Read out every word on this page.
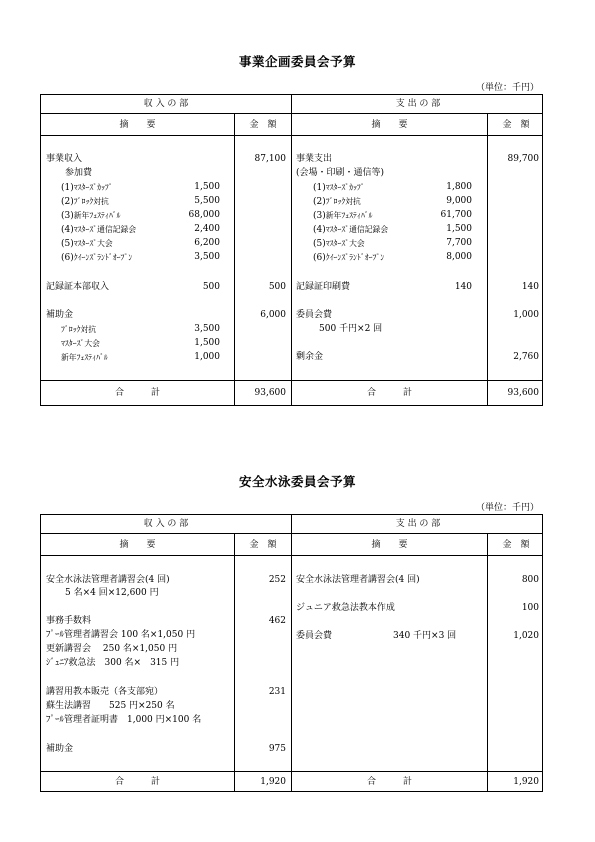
事業企画委員会予算
（単位：千円）
収 入 の 部	支 出 の 部
摘　　要	金　額	摘　　要	金　額
事業収入	87,100
参加費
(1)ﾏｽﾀｰｽﾞｶｯﾌﾟ	1,500
(2)ﾌﾞﾛｯｸ対抗	5,500
(3)新年ﾌｪｽﾃｨﾊﾞﾙ	68,000
(4)ﾏｽﾀｰｽﾞ通信記録会	2,400
(5)ﾏｽﾀｰｽﾞ大会	6,200
(6)ｸｲｰﾝｽﾞﾗﾝﾄﾞｵｰﾌﾟﾝ	3,500
記録証本部収入	500	500
補助金	6,000
ﾌﾞﾛｯｸ対抗	3,500
ﾏｽﾀｰｽﾞ大会	1,500
新年ﾌｪｽﾃｨﾊﾞﾙ	1,000
事業支出	89,700
(会場・印刷・通信等)
(1)ﾏｽﾀｰｽﾞｶｯﾌﾟ	1,800
(2)ﾌﾞﾛｯｸ対抗	9,000
(3)新年ﾌｪｽﾃｨﾊﾞﾙ	61,700
(4)ﾏｽﾀｰｽﾞ通信記録会	1,500
(5)ﾏｽﾀｰｽﾞ大会	7,700
(6)ｸｲｰﾝｽﾞﾗﾝﾄﾞｵｰﾌﾟﾝ	8,000
記録証印刷費	140	140
委員会費	1,000
500 千円×2 回
剰余金	2,760
合　　　計	93,600	合　　　計	93,600
安全水泳委員会予算
（単位：千円）
収 入 の 部	支 出 の 部
摘　　要	金　額	摘　　要	金　額
安全水泳法管理者講習会(4 回)	252
5 名×4 回×12,600 円
事務手数料	462
ﾌﾟｰﾙ管理者講習会 100 名×1,050 円
更新講習会　 250 名×1,050 円
ｼﾞｭﾆｱ救急法　300 名×　315 円
講習用教本販売（各支部宛）	231
蘇生法講習　　525 円×250 名
ﾌﾟｰﾙ管理者証明書　1,000 円×100 名
補助金	975
安全水泳法管理者講習会(4 回)	800
ジュニア救急法教本作成	100
委員会費	340 千円×3 回	1,020
合　　　計	1,920	合　　　計	1,920
